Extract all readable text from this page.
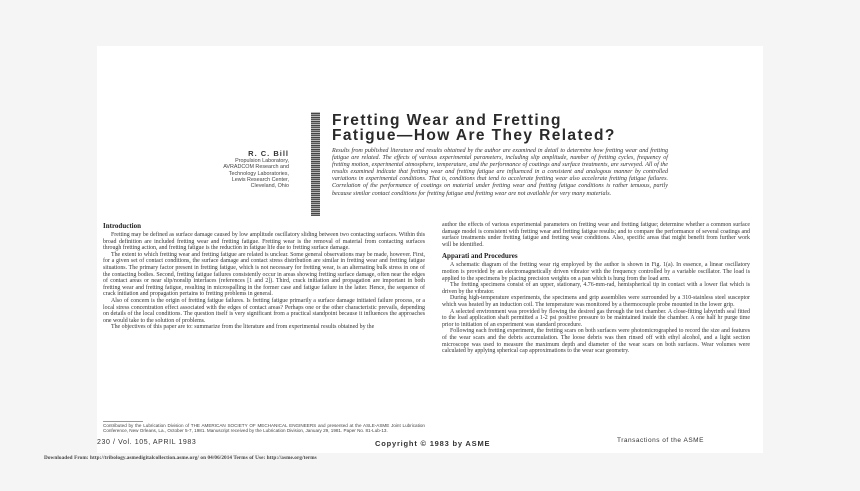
Fretting Wear and Fretting
Fatigue—How Are They Related?
R. C. Bill
Propulsion Laboratory,
AVRADCOM Research and
Technology Laboratories,
Lewis Research Center,
Cleveland, Ohio
Results from published literature and results obtained by the author are examined in detail to determine how fretting wear and fretting fatigue are related. The effects of various experimental parameters, including slip amplitude, number of fretting cycles, frequency of fretting motion, experimental atmosphere, temperature, and the performance of coatings and surface treatments, are surveyed. All of the results examined indicate that fretting wear and fretting fatigue are influenced in a consistent and analogous manner by controlled variations in experimental conditions. That is, conditions that tend to accelerate fretting wear also accelerate fretting fatigue failures. Correlation of the performance of coatings on material under fretting wear and fretting fatigue conditions is rather tenuous, partly because similar contact conditions for fretting fatigue and fretting wear are not available for very many materials.
Introduction

Fretting may be defined as surface damage caused by low amplitude oscillatory sliding between two contacting surfaces. Within this broad definition are included fretting wear and fretting fatigue. Fretting wear is the removal of material from contacting surfaces through fretting action, and fretting fatigue is the reduction in fatigue life due to fretting surface damage.

The extent to which fretting wear and fretting fatigue are related is unclear. Some general observations may be made, however. First, for a given set of contact conditions, the surface damage and contact stress distribution are similar in fretting wear and fretting fatigue situations. The primary factor present in fretting fatigue, which is not necessary for fretting wear, is an alternating bulk stress in one of the contacting bodies. Second, fretting fatigue failures consistently occur in areas showing fretting surface damage, often near the edges of contact areas or near slip/nonslip interfaces (references [1 and 2]). Third, crack initiation and propagation are important in both fretting wear and fretting fatigue, resulting in microspalling in the former case and fatigue failure in the latter. Hence, the sequence of crack initiation and propagation pertains to fretting problems in general.

Also of concern is the origin of fretting fatigue failures. Is fretting fatigue primarily a surface damage initiated failure process, or a local stress concentration effect associated with the edges of contact areas? Perhaps one or the other characteristic prevails, depending on details of the local conditions. The question itself is very significant from a practical standpoint because it influences the approaches one would take to the solution of problems.

The objectives of this paper are to: summarize from the literature and from experimental results obtained by the

Contributed by the Lubrication Division of THE AMERICAN SOCIETY OF MECHANICAL ENGINEERS and presented at the ASLE-ASME Joint Lubrication Conference, New Orleans, La., October 5-7, 1981. Manuscript received by the Lubrication Division, January 29, 1981. Paper No. 81-Lub-13.

author the effects of various experimental parameters on fretting wear and fretting fatigue; determine whether a common surface damage model is consistent with fretting wear and fretting fatigue results; and to compare the performance of several coatings and surface treatments under fretting fatigue and fretting wear conditions. Also, specific areas that might benefit from further work will be identified.

Apparati and Procedures

A schematic diagram of the fretting wear rig employed by the author is shown in Fig. 1(a). In essence, a linear oscillatory motion is provided by an electromagnetically driven vibrator with the frequency controlled by a variable oscillator. The load is applied to the specimens by placing precision weights on a pan which is hung from the load arm.

The fretting specimens consist of an upper, stationary, 4.76-mm-rad, hemispherical tip in contact with a lower flat which is driven by the vibrator.

During high-temperature experiments, the specimens and grip assemblies were surrounded by a 310-stainless steel susceptor which was heated by an induction coil. The temperature was monitored by a thermocouple probe mounted in the lower grip.

A selected environment was provided by flowing the desired gas through the test chamber. A close-fitting labyrinth seal fitted to the load application shaft permitted a 1-2 psi positive pressure to be maintained inside the chamber. A one half hr purge time prior to initiation of an experiment was standard procedure.

Following each fretting experiment, the fretting scars on both surfaces were photomicrographed to record the size and features of the wear scars and the debris accumulation. The loose debris was then rinsed off with ethyl alcohol, and a light section microscope was used to measure the maximum depth and diameter of the wear scars on both surfaces. Wear volumes were calculated by applying spherical cap approximations to the wear scar geometry.

230 / Vol. 105, APRIL 1983	Copyright © 1983 by ASME	Transactions of the ASME
Downloaded From: http://tribology.asmedigitalcollection.asme.org/ on 04/06/2014 Terms of Use: http://asme.org/terms
